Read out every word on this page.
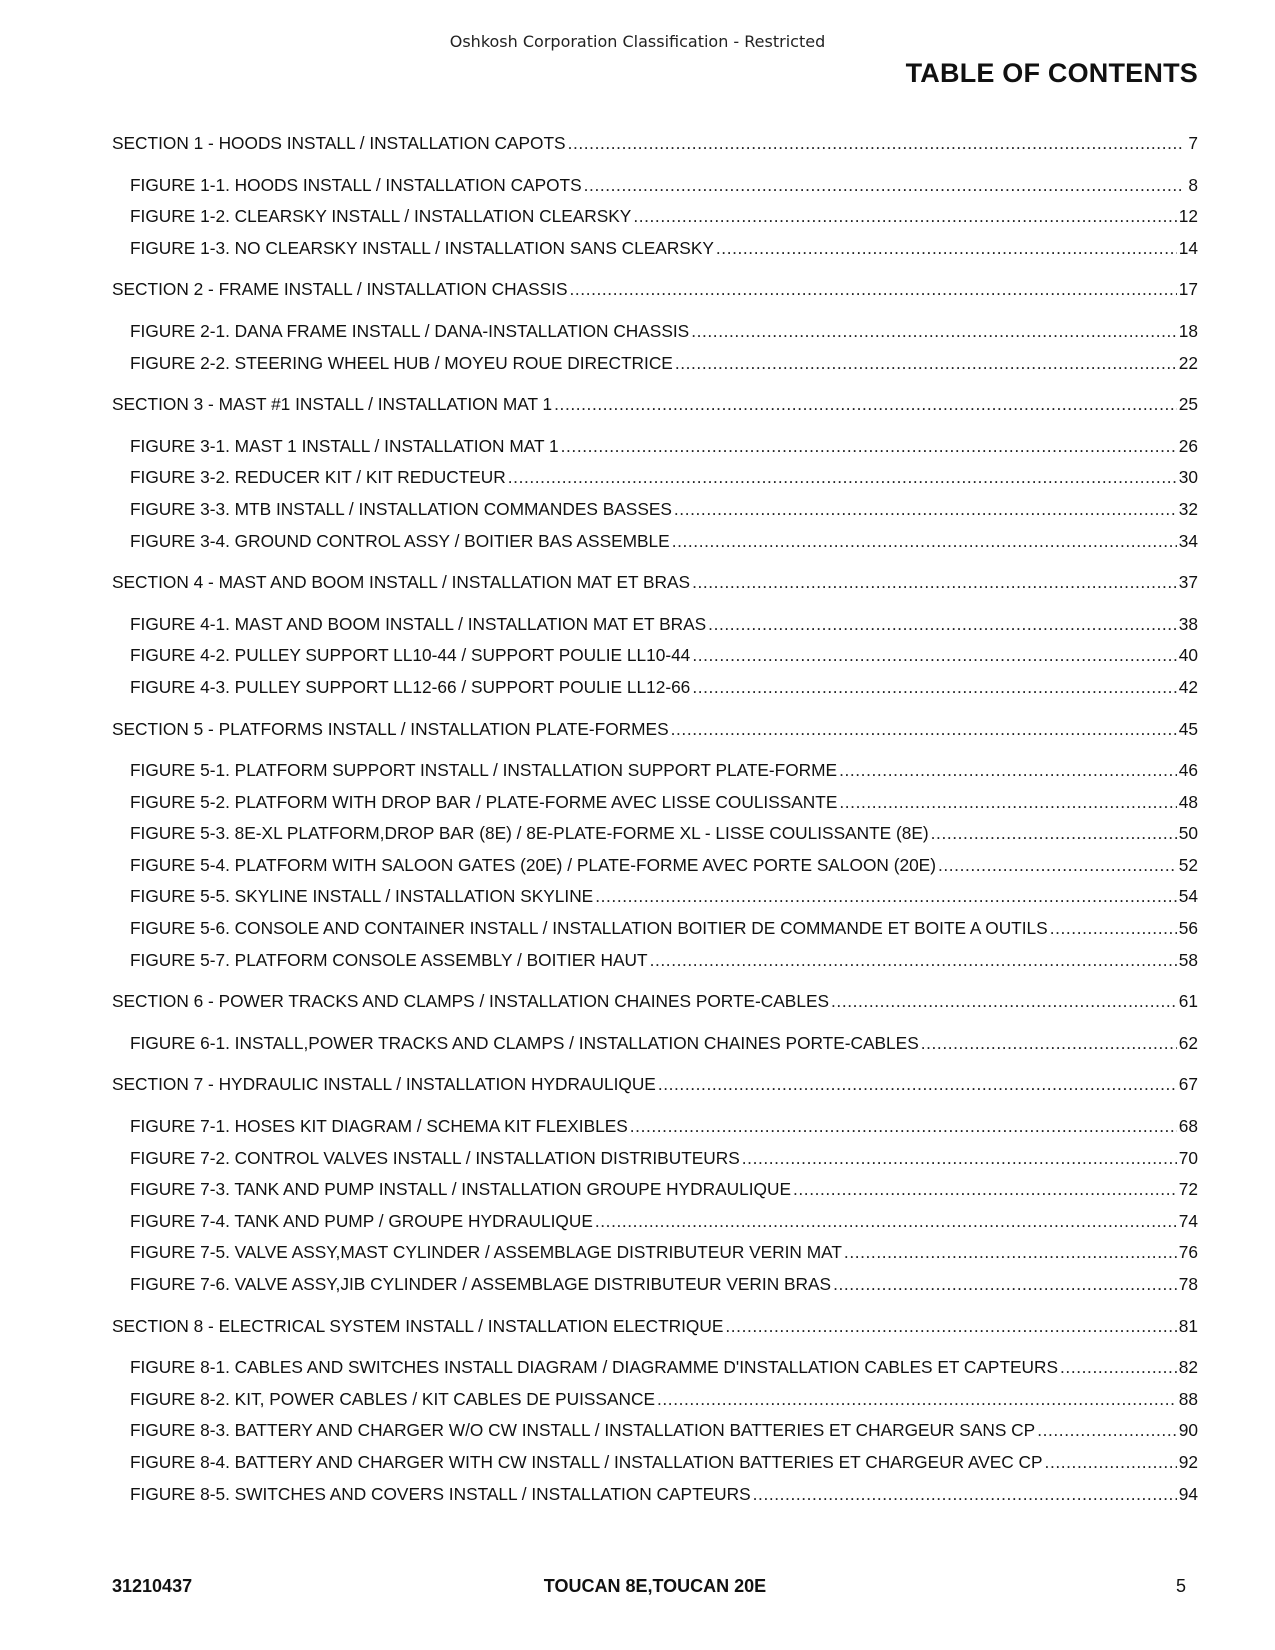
Oshkosh Corporation Classification - Restricted
TABLE OF CONTENTS
SECTION 1 - HOODS INSTALL / INSTALLATION CAPOTS .....	7
FIGURE 1-1. HOODS INSTALL / INSTALLATION CAPOTS .....	8
FIGURE 1-2. CLEARSKY INSTALL / INSTALLATION CLEARSKY .....	12
FIGURE 1-3. NO CLEARSKY INSTALL / INSTALLATION SANS CLEARSKY .....	14
SECTION 2 - FRAME INSTALL / INSTALLATION CHASSIS .....	17
FIGURE 2-1. DANA FRAME INSTALL / DANA-INSTALLATION CHASSIS .....	18
FIGURE 2-2. STEERING WHEEL HUB / MOYEU ROUE DIRECTRICE .....	22
SECTION 3 - MAST #1 INSTALL / INSTALLATION MAT 1 .....	25
FIGURE 3-1. MAST 1 INSTALL / INSTALLATION MAT 1 .....	26
FIGURE 3-2. REDUCER KIT / KIT REDUCTEUR .....	30
FIGURE 3-3. MTB INSTALL / INSTALLATION COMMANDES BASSES .....	32
FIGURE 3-4. GROUND CONTROL ASSY / BOITIER BAS ASSEMBLE .....	34
SECTION 4 - MAST AND BOOM INSTALL / INSTALLATION MAT ET BRAS .....	37
FIGURE 4-1. MAST AND BOOM INSTALL / INSTALLATION MAT ET BRAS .....	38
FIGURE 4-2. PULLEY SUPPORT LL10-44 / SUPPORT POULIE LL10-44 .....	40
FIGURE 4-3. PULLEY SUPPORT LL12-66 / SUPPORT POULIE LL12-66 .....	42
SECTION 5 - PLATFORMS INSTALL / INSTALLATION PLATE-FORMES .....	45
FIGURE 5-1. PLATFORM SUPPORT INSTALL / INSTALLATION SUPPORT PLATE-FORME .....	46
FIGURE 5-2. PLATFORM WITH DROP BAR / PLATE-FORME AVEC LISSE COULISSANTE .....	48
FIGURE 5-3. 8E-XL PLATFORM,DROP BAR (8E) / 8E-PLATE-FORME XL - LISSE COULISSANTE (8E) .....	50
FIGURE 5-4. PLATFORM WITH SALOON GATES (20E) / PLATE-FORME AVEC PORTE SALOON (20E) .....	52
FIGURE 5-5. SKYLINE INSTALL / INSTALLATION SKYLINE .....	54
FIGURE 5-6. CONSOLE AND CONTAINER INSTALL / INSTALLATION BOITIER DE COMMANDE ET BOITE A OUTILS .....	56
FIGURE 5-7. PLATFORM CONSOLE ASSEMBLY / BOITIER HAUT .....	58
SECTION 6 - POWER TRACKS AND CLAMPS / INSTALLATION CHAINES PORTE-CABLES .....	61
FIGURE 6-1. INSTALL,POWER TRACKS AND CLAMPS / INSTALLATION CHAINES PORTE-CABLES .....	62
SECTION 7 - HYDRAULIC INSTALL / INSTALLATION HYDRAULIQUE .....	67
FIGURE 7-1. HOSES KIT DIAGRAM / SCHEMA KIT FLEXIBLES .....	68
FIGURE 7-2. CONTROL VALVES INSTALL / INSTALLATION DISTRIBUTEURS .....	70
FIGURE 7-3. TANK AND PUMP INSTALL / INSTALLATION GROUPE HYDRAULIQUE .....	72
FIGURE 7-4. TANK AND PUMP / GROUPE HYDRAULIQUE .....	74
FIGURE 7-5. VALVE ASSY,MAST CYLINDER / ASSEMBLAGE DISTRIBUTEUR VERIN MAT .....	76
FIGURE 7-6. VALVE ASSY,JIB CYLINDER / ASSEMBLAGE DISTRIBUTEUR VERIN BRAS .....	78
SECTION 8 - ELECTRICAL SYSTEM INSTALL / INSTALLATION ELECTRIQUE .....	81
FIGURE 8-1. CABLES AND SWITCHES INSTALL DIAGRAM / DIAGRAMME D'INSTALLATION CABLES ET CAPTEURS .....	82
FIGURE 8-2. KIT, POWER CABLES / KIT CABLES DE PUISSANCE .....	88
FIGURE 8-3. BATTERY AND CHARGER W/O CW INSTALL / INSTALLATION BATTERIES ET CHARGEUR SANS CP .....	90
FIGURE 8-4. BATTERY AND CHARGER WITH CW INSTALL / INSTALLATION BATTERIES ET CHARGEUR AVEC CP .....	92
FIGURE 8-5. SWITCHES AND COVERS INSTALL / INSTALLATION CAPTEURS .....	94
31210437	TOUCAN 8E,TOUCAN 20E	5
